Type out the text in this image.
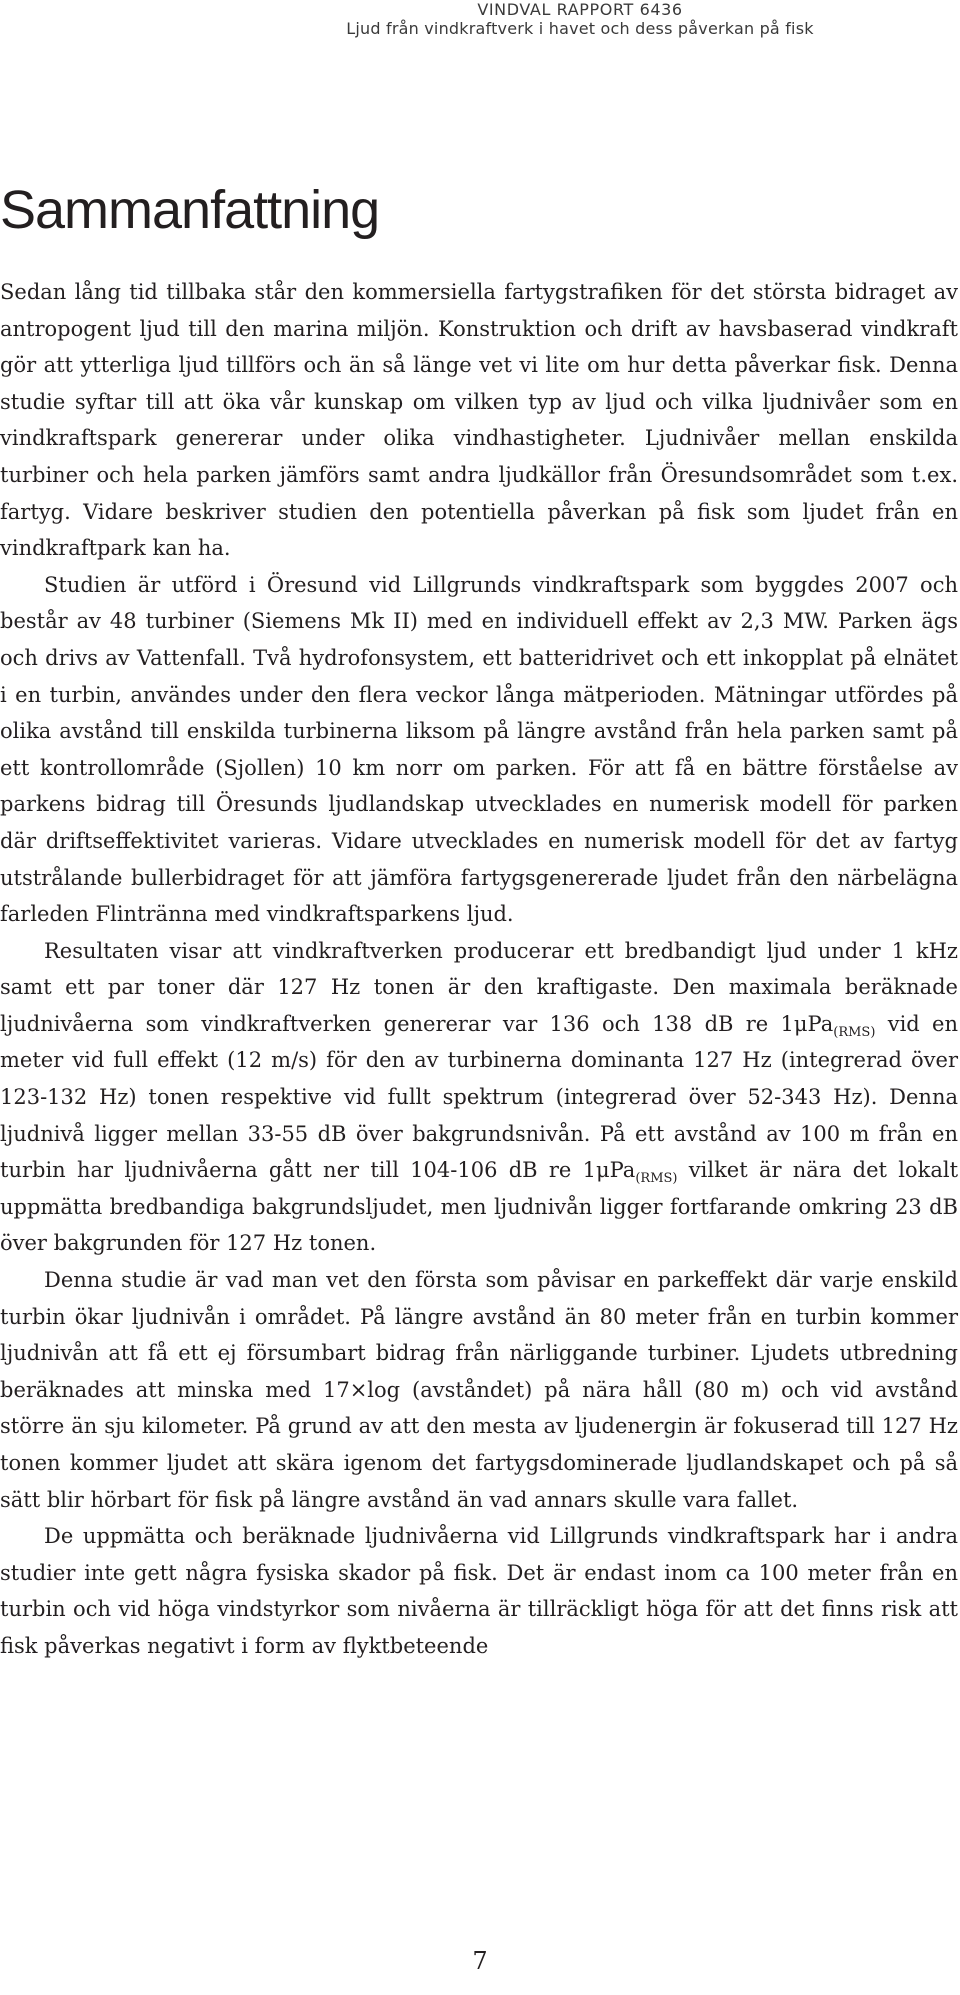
VINDVAL RAPPORT 6436
Ljud från vindkraftverk i havet och dess påverkan på fisk
Sammanfattning

Sedan lång tid tillbaka står den kommersiella fartygstrafiken för det största bidraget av antropogent ljud till den marina miljön. Konstruktion och drift av havsbaserad vindkraft gör att ytterliga ljud tillförs och än så länge vet vi lite om hur detta påverkar fisk. Denna studie syftar till att öka vår kunskap om vilken typ av ljud och vilka ljudnivåer som en vindkraftspark genererar under olika vindhastigheter. Ljudnivåer mellan enskilda turbiner och hela parken jämförs samt andra ljudkällor från Öresundsområdet som t.ex. fartyg. Vidare beskriver studien den potentiella påverkan på fisk som ljudet från en vindkraftpark kan ha.

Studien är utförd i Öresund vid Lillgrunds vindkraftspark som byggdes 2007 och består av 48 turbiner (Siemens Mk II) med en individuell effekt av 2,3 MW. Parken ägs och drivs av Vattenfall. Två hydrofonsystem, ett batteridrivet och ett inkopplat på elnätet i en turbin, användes under den flera veckor långa mätperioden. Mätningar utfördes på olika avstånd till enskilda turbinerna liksom på längre avstånd från hela parken samt på ett kontrollområde (Sjollen) 10 km norr om parken. För att få en bättre förståelse av parkens bidrag till Öresunds ljudlandskap utvecklades en numerisk modell för parken där driftseffektivitet varieras. Vidare utvecklades en numerisk modell för det av fartyg utstrålande bullerbidraget för att jämföra fartygsgenererade ljudet från den närbelägna farleden Flintränna med vindkraftsparkens ljud.

Resultaten visar att vindkraftverken producerar ett bredbandigt ljud under 1 kHz samt ett par toner där 127 Hz tonen är den kraftigaste. Den maximala beräknade ljudnivåerna som vindkraftverken genererar var 136 och 138 dB re 1μPa$_{(RMS)}$ vid en meter vid full effekt (12 m/s) för den av turbinerna dominanta 127 Hz (integrerad över 123-132 Hz) tonen respektive vid fullt spektrum (integrerad över 52-343 Hz). Denna ljudnivå ligger mellan 33-55 dB över bakgrundsnivån. På ett avstånd av 100 m från en turbin har ljudnivåerna gått ner till 104-106 dB re 1μPa$_{(RMS)}$ vilket är nära det lokalt uppmätta bredbandiga bakgrundsljudet, men ljudnivån ligger fortfarande omkring 23 dB över bakgrunden för 127 Hz tonen.

Denna studie är vad man vet den första som påvisar en parkeffekt där varje enskild turbin ökar ljudnivån i området. På längre avstånd än 80 meter från en turbin kommer ljudnivån att få ett ej försumbart bidrag från närliggande turbiner. Ljudets utbredning beräknades att minska med 17×log (avståndet) på nära håll (80 m) och vid avstånd större än sju kilometer. På grund av att den mesta av ljudenergin är fokuserad till 127 Hz tonen kommer ljudet att skära igenom det fartygsdominerade ljudlandskapet och på så sätt blir hörbart för fisk på längre avstånd än vad annars skulle vara fallet.

De uppmätta och beräknade ljudnivåerna vid Lillgrunds vindkraftspark har i andra studier inte gett några fysiska skador på fisk. Det är endast inom ca 100 meter från en turbin och vid höga vindstyrkor som nivåerna är tillräckligt höga för att det finns risk att fisk påverkas negativt i form av flyktbeteende

7
